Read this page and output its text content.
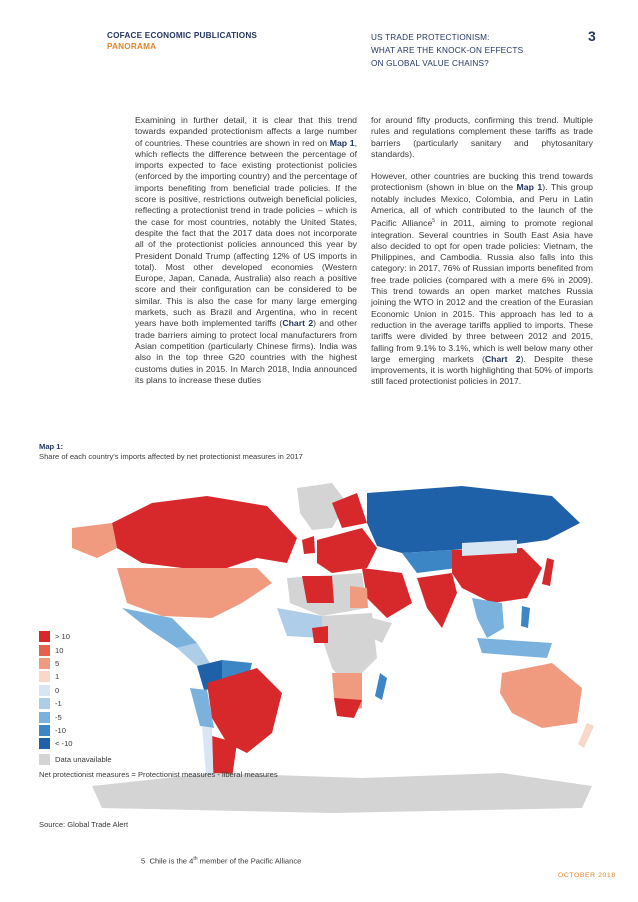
COFACE ECONOMIC PUBLICATIONS
PANORAMA
US TRADE PROTECTIONISM:
WHAT ARE THE KNOCK-ON EFFECTS
ON GLOBAL VALUE CHAINS?
3

Examining in further detail, it is clear that this trend towards expanded protectionism affects a large number of countries. These countries are shown in red on Map 1, which reflects the difference between the percentage of imports expected to face existing protectionist policies (enforced by the importing country) and the percentage of imports benefiting from beneficial trade policies. If the score is positive, restrictions outweigh beneficial policies, reflecting a protectionist trend in trade policies – which is the case for most countries, notably the United States, despite the fact that the 2017 data does not incorporate all of the protectionist policies announced this year by President Donald Trump (affecting 12% of US imports in total). Most other developed economies (Western Europe, Japan, Canada, Australia) also reach a positive score and their configuration can be considered to be similar. This is also the case for many large emerging markets, such as Brazil and Argentina, who in recent years have both implemented tariffs (Chart 2) and other trade barriers aiming to protect local manufacturers from Asian competition (particularly Chinese firms). India was also in the top three G20 countries with the highest customs duties in 2015. In March 2018, India announced its plans to increase these duties

for around fifty products, confirming this trend. Multiple rules and regulations complement these tariffs as trade barriers (particularly sanitary and phytosanitary standards).

However, other countries are bucking this trend towards protectionism (shown in blue on the Map 1). This group notably includes Mexico, Colombia, and Peru in Latin America, all of which contributed to the launch of the Pacific Alliance$^5$ in 2011, aiming to promote regional integration. Several countries in South East Asia have also decided to opt for open trade policies: Vietnam, the Philippines, and Cambodia. Russia also falls into this category: in 2017, 76% of Russian imports benefited from free trade policies (compared with a mere 6% in 2009). This trend towards an open market matches Russia joining the WTO in 2012 and the creation of the Eurasian Economic Union in 2015. This approach has led to a reduction in the average tariffs applied to imports. These tariffs were divided by three between 2012 and 2015, falling from 9.1% to 3.1%, which is well below many other large emerging markets (Chart 2). Despite these improvements, it is worth highlighting that 50% of imports still faced protectionist policies in 2017.

Map 1:
Share of each country's imports affected by net protectionist measures in 2017
> 10
10
5
1
0
-1
-5
-10
< -10
Data unavailable
Net protectionist measures = Protectionist measures - liberal measures
Source: Global Trade Alert
5 Chile is the 4th member of the Pacific Alliance
OCTOBER 2018
